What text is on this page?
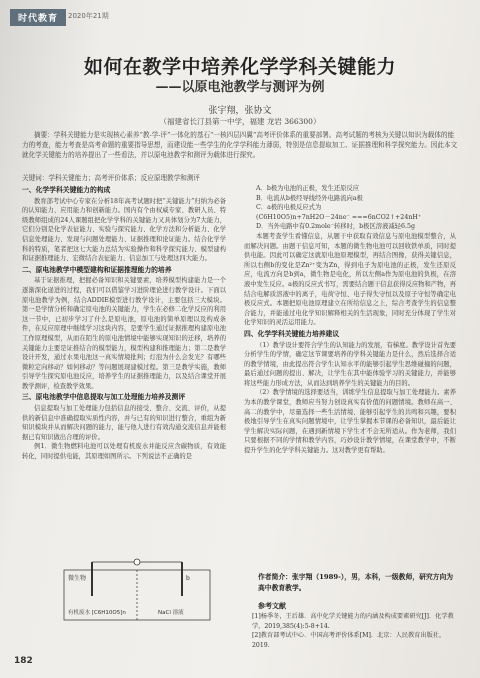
时代教育	2020年21期
如何在教学中培养化学学科关键能力
——以原电池教学与测评为例
张宇翔，张协文
（福建省长汀县第一中学，福建 龙岩 366300）
摘要：学科关键能力是实现核心素养“教-学-评”一体化的基石“一核四层四翼”高考评价体系的重要部署。高考试题的考核为关键以知识为载体的能力的考查，能力考查是高考命题的重要指导思想，而建设能一些学生的化学学科能力薄弱，特别是信息提取加工、证据推理和科学探究能力。因此本文就化学关键能力的培养提出了一些看法，并以原电池教学和测评为载体进行探究。
关键词：学科关键能力；高考评价体系；反应原理教学和测评
一、化学学科关键能力的构成

教育部考试中心专家在分析18年高考试题时把“关键能力”归纳为必备的认知能力、应用能力和创新能力。国内有个由权威专家、教研人员、特级教师组成的24人课题组把化学学科的关键能力又具体划分为7大能力，它们分别是化学表征能力、实验与探究能力、化学方法和分析能力、化学信息处理能力、发现与问题处理能力、证据推理和论证能力。结合化学学科的特质，笔者把这七大能力总结为实验操作和科学探究能力、模型建构和证据推理能力、宏微结合表征能力、信息加工与处理这四大能力。

二、原电池教学中模型建构和证据推理能力的培养

基于证据推理，把握必备知识和关键要素，培养模型构建能力是一个逐渐深化递进的过程，我们可以借鉴学习进阶理论进行教学设计。下面以原电池教学为例，结合ADDIE模型进行教学设计，主要包括三大模块。第一是学情分析和确定原电池的关键能力，学生在必修二化学反应的利用这一节中，已初步学习了什么是原电池，原电池的简单原理以及构成条件，在反应原理中继续学习这块内容，是要学生通过证据推理构建原电池工作原理模型，从而在陌生的原电池情境中能够实现知识的迁移，培养的关键能力主要是证推结合的模型能力，模型构建和推理能力；第二是教学设计开发，通过水果电池这一真实情境批判；灯泡为什么会发光？有哪些微粒定向移动？如何移动？等问题展现建模过程。第三是教学实施，教师引导学生探究原电池反应，培养学生的证据推理能力，以及结合课堂开展教学测评，检查教学效果。

三、原电池教学中信息提取与加工处理能力培养及测评

信息提取与加工处理能力包括信息的接受、整合、交流、评价，从提供的新信息中准确提取实质性内容，并与已有的知识进行整合，重组为新知识模块并从而解决问题的能力，能与他人进行有效沟通交流信息并能根据已有知识做出合理的评价。

例1．微生物燃料电池可以处理有机废水并能反应含碳物质，有效能转化，同时提供电能，其原理如图所示。下列说法不正确的是

微生物	b
有机废水 [C6H10O5]n	NaCl 溶液

A．b极为电池的正极，发生还原反应

B．电流从b极经导线经外电路流向a极

C．a极的电极反应式为

(C6H10O5)n+7nH2O－24ne⁻ ===6nCO2↑+24nH⁺

D．当外电路中有0.2mole⁻转移时，b极区溶液减轻6.5g

本题考查学生看懂信息，从题干中获取有效信息与原电池模型整合，从而解决问题。由题干信息可知，本题的微生物电池可以回收铁单质，同时提供电能。因此可以确定这就原电池原理模型，再结合图像，获得关键信息，所以右侧b的变化是Zn²⁺变为Zn，得到电子为原电池的正极，发生还原反应，电流方向是b到a，微生物是电化，所以左侧a作为原电池的负极，在溶液中发生反应。a极的反应式书写，需要结合题干信息获得反应物和产物，再结合电解质溶液中的离子，电荷守恒、电子得失守恒以及原子守恒等确定电极反应式。本题把原电池原理建立在所给信息之上，综合考查学生的信息整合能力，并能通过电化学知识解释相关的生活现象，同时充分体现了学生对化学知识的灵活运用能力。

四、化学学科关键能力培养建议

（1）教学设计要符合学生的认知能力的发展，有梯度。教学设计首先要分析学生的学情，确定这节课要培养的学科关键能力是什么，然后选择合适的教学情境，由此提出符合学生认知水平的能够引起学生思维碰撞的问题，最后通过问题的提出、解决，让学生在其中能体验学习的关键能力，并能够将这些能力形成方法，从而达到培养学生的关键能力的目的。

（2）教学情境的选择要适当，训练学生信息提取与加工处理能力。素养为本的教学课堂，教师应当努力创设真实有价值的问题情境。教师在高一、高二的教学中，尽量选择一些生活情境、能够引起学生的共鸣和兴趣，要积极地引导学生在真实问题情境中，让学生掌握本节课的必备知识，最后能让学生解决实际问题，在遇到新情境下学生才不会无所适从。作为老师，我们只要根据不同的学情和教学内容，巧妙设计教学情境，在课堂教学中，不断提升学生的化学学科关键能力。这对教学更有帮助。

作者简介：张宇翔（1989-），男，本科，一级教师，研究方向为高中教育教学。
参考文献
[1]杨季冬，王后雄．高中化学关键能力的内涵及构成要素研究[J]．化学教学，2019,385(4):5-8+14.
[2]教育部考试中心．中国高考评价体系[M]．北京：人民教育出版社，2019.
182
